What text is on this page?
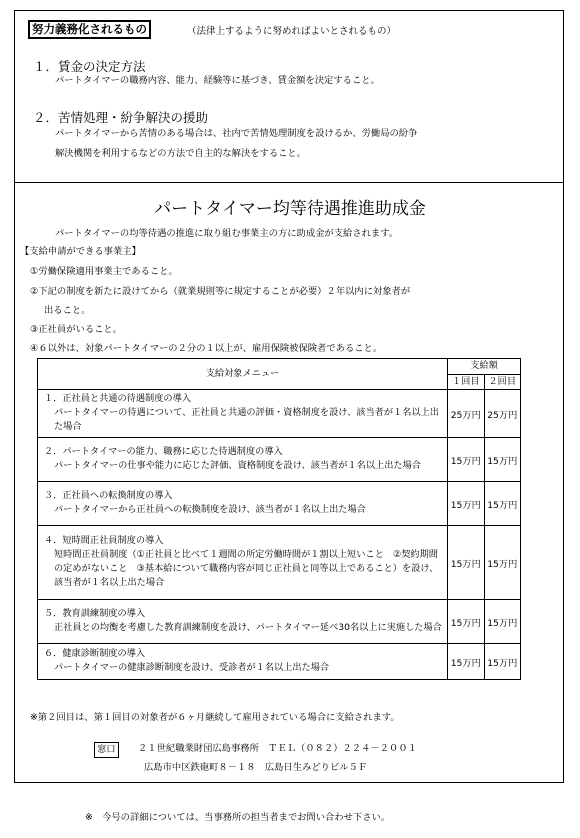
努力義務化されるもの	（法律上するように努めればよいとされるもの）
１．賃金の決定方法
パートタイマーの職務内容、能力、経験等に基づき、賃金額を決定すること。
２．苦情処理・紛争解決の援助
パートタイマーから苦情のある場合は、社内で苦情処理制度を設けるか、労働局の紛争
解決機関を利用するなどの方法で自主的な解決をすること。
パートタイマー均等待遇推進助成金
パートタイマーの均等待遇の推進に取り組む事業主の方に助成金が支給されます。
【支給申請ができる事業主】
①労働保険適用事業主であること。
②下記の制度を新たに設けてから（就業規則等に規定することが必要）２年以内に対象者が
出ること。
③正社員がいること。
④６以外は、対象パートタイマーの２分の１以上が、雇用保険被保険者であること。
支給対象メニュー	支給額	
	１回目	２回目

１．正社員と共通の待遇制度の導入
パートタイマーの待遇について、正社員と共通の評価・資格制度を設け、該当者が１名以上出た場合	25万円	25万円

２．パートタイマーの能力、職務に応じた待遇制度の導入
パートタイマーの仕事や能力に応じた評価、資格制度を設け、該当者が１名以上出た場合	15万円	15万円

３．正社員への転換制度の導入
パートタイマーから正社員への転換制度を設け、該当者が１名以上出た場合	15万円	15万円

４．短時間正社員制度の導入
短時間正社員制度（①正社員と比べて１週間の所定労働時間が１割以上短いこと　②契約期間の定めがないこと　③基本給について職務内容が同じ正社員と同等以上であること）を設け、該当者が１名以上出た場合	15万円	15万円

５．教育訓練制度の導入
正社員との均衡を考慮した教育訓練制度を設け、パートタイマー延べ30名以上に実施した場合	15万円	15万円

６．健康診断制度の導入
パートタイマーの健康診断制度を設け、受診者が１名以上出た場合	15万円	15万円
※第２回目は、第１回目の対象者が６ヶ月継続して雇用されている場合に支給されます。
窓口	２１世紀職業財団広島事務所　ＴＥＬ（０８２）２２４－２００１
広島市中区鉄砲町８－１８　広島日生みどりビル５Ｆ
※　今号の詳細については、当事務所の担当者までお問い合わせ下さい。
